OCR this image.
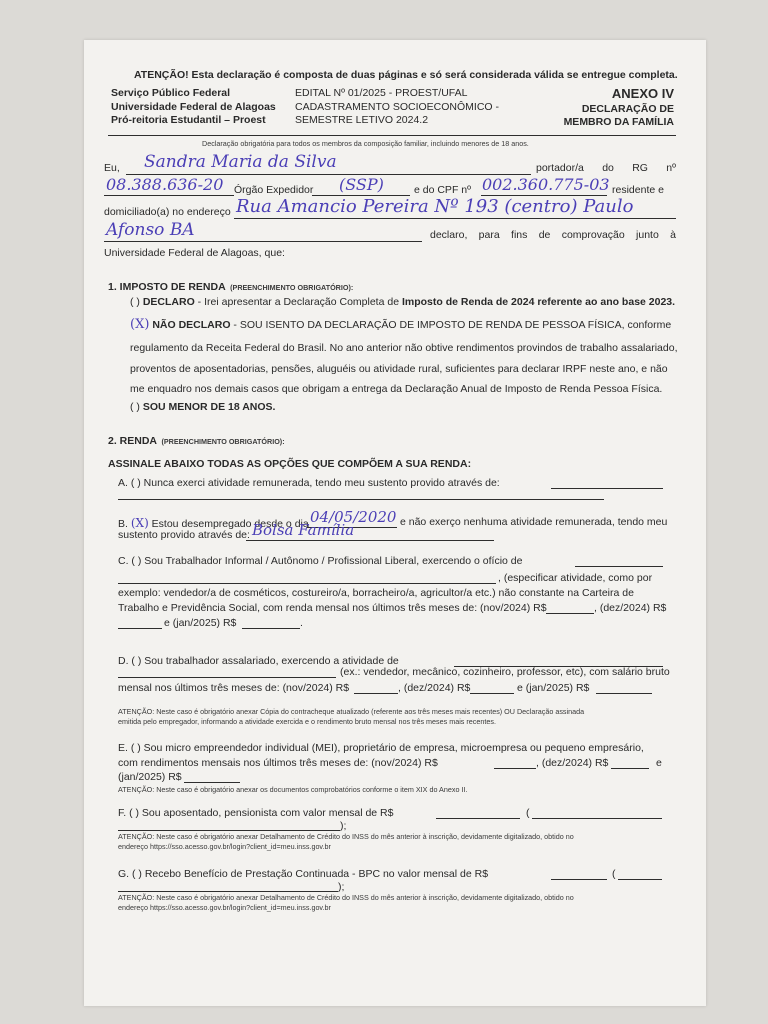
ATENÇÃO! Esta declaração é composta de duas páginas e só será considerada válida se entregue completa.
Serviço Público Federal
Universidade Federal de Alagoas
Pró-reitoria Estudantil – Proest
EDITAL Nº 01/2025 - PROEST/UFAL
CADASTRAMENTO SOCIOECONÔMICO -
SEMESTRE LETIVO 2024.2
ANEXO IV
DECLARAÇÃO DE
MEMBRO DA FAMÍLIA
Declaração obrigatória para todos os membros da composição familiar, incluindo menores de 18 anos.
Eu, Sandra Maria da Silva	portador/a do RG nº
08.388.636-20 Órgão Expedidor (SSP)	e do CPF nº 002.360.775-03 residente e
domiciliado(a) no endereço Rua Amancio Pereira Nº 193 (centro) Paulo
Afonso BA	declaro, para fins de comprovação junto à
Universidade Federal de Alagoas, que:
1. IMPOSTO DE RENDA (PREENCHIMENTO OBRIGATÓRIO):
( ) DECLARO - Irei apresentar a Declaração Completa de Imposto de Renda de 2024 referente ao ano base 2023.
(X) NÃO DECLARO - SOU ISENTO DA DECLARAÇÃO DE IMPOSTO DE RENDA DE PESSOA FÍSICA, conforme
regulamento da Receita Federal do Brasil. No ano anterior não obtive rendimentos provindos de trabalho assalariado,
proventos de aposentadorias, pensões, aluguéis ou atividade rural, suficientes para declarar IRPF neste ano, e não
me enquadro nos demais casos que obrigam a entrega da Declaração Anual de Imposto de Renda Pessoa Física.
( ) SOU MENOR DE 18 ANOS.
2. RENDA (PREENCHIMENTO OBRIGATÓRIO):
ASSINALE ABAIXO TODAS AS OPÇÕES QUE COMPÕEM A SUA RENDA:
A. ( ) Nunca exerci atividade remunerada, tendo meu sustento provido através de:
B. (X) Estou desempregado desde o dia 04/05/2020 e não exerço nenhuma atividade remunerada, tendo meu
sustento provido através de: Bolsa Família
C. ( ) Sou Trabalhador Informal / Autônomo / Profissional Liberal, exercendo o ofício de
, (especificar atividade, como por
exemplo: vendedor/a de cosméticos, costureiro/a, borracheiro/a, agricultor/a etc.) não constante na Carteira de
Trabalho e Previdência Social, com renda mensal nos últimos três meses de: (nov/2024) R$	, (dez/2024) R$
e (jan/2025) R$	.
D. ( ) Sou trabalhador assalariado, exercendo a atividade de
(ex.: vendedor, mecânico, cozinheiro, professor, etc), com salário bruto
mensal nos últimos três meses de: (nov/2024) R$	, (dez/2024) R$	e (jan/2025) R$
ATENÇÃO: Neste caso é obrigatório anexar Cópia do contracheque atualizado (referente aos três meses mais recentes) OU Declaração assinada
emitida pelo empregador, informando a atividade exercida e o rendimento bruto mensal nos três meses mais recentes.
E. ( ) Sou micro empreendedor individual (MEI), proprietário de empresa, microempresa ou pequeno empresário,
com rendimentos mensais nos últimos três meses de: (nov/2024) R$	, (dez/2024) R$	e
(jan/2025) R$
ATENÇÃO: Neste caso é obrigatório anexar os documentos comprobatórios conforme o item XIX do Anexo II.
F. ( ) Sou aposentado, pensionista com valor mensal de R$	(
);
ATENÇÃO: Neste caso é obrigatório anexar Detalhamento de Crédito do INSS do mês anterior à inscrição, devidamente digitalizado, obtido no
endereço https://sso.acesso.gov.br/login?client_id=meu.inss.gov.br
G. ( ) Recebo Benefício de Prestação Continuada - BPC no valor mensal de R$	(
);
ATENÇÃO: Neste caso é obrigatório anexar Detalhamento de Crédito do INSS do mês anterior à inscrição, devidamente digitalizado, obtido no
endereço https://sso.acesso.gov.br/login?client_id=meu.inss.gov.br
